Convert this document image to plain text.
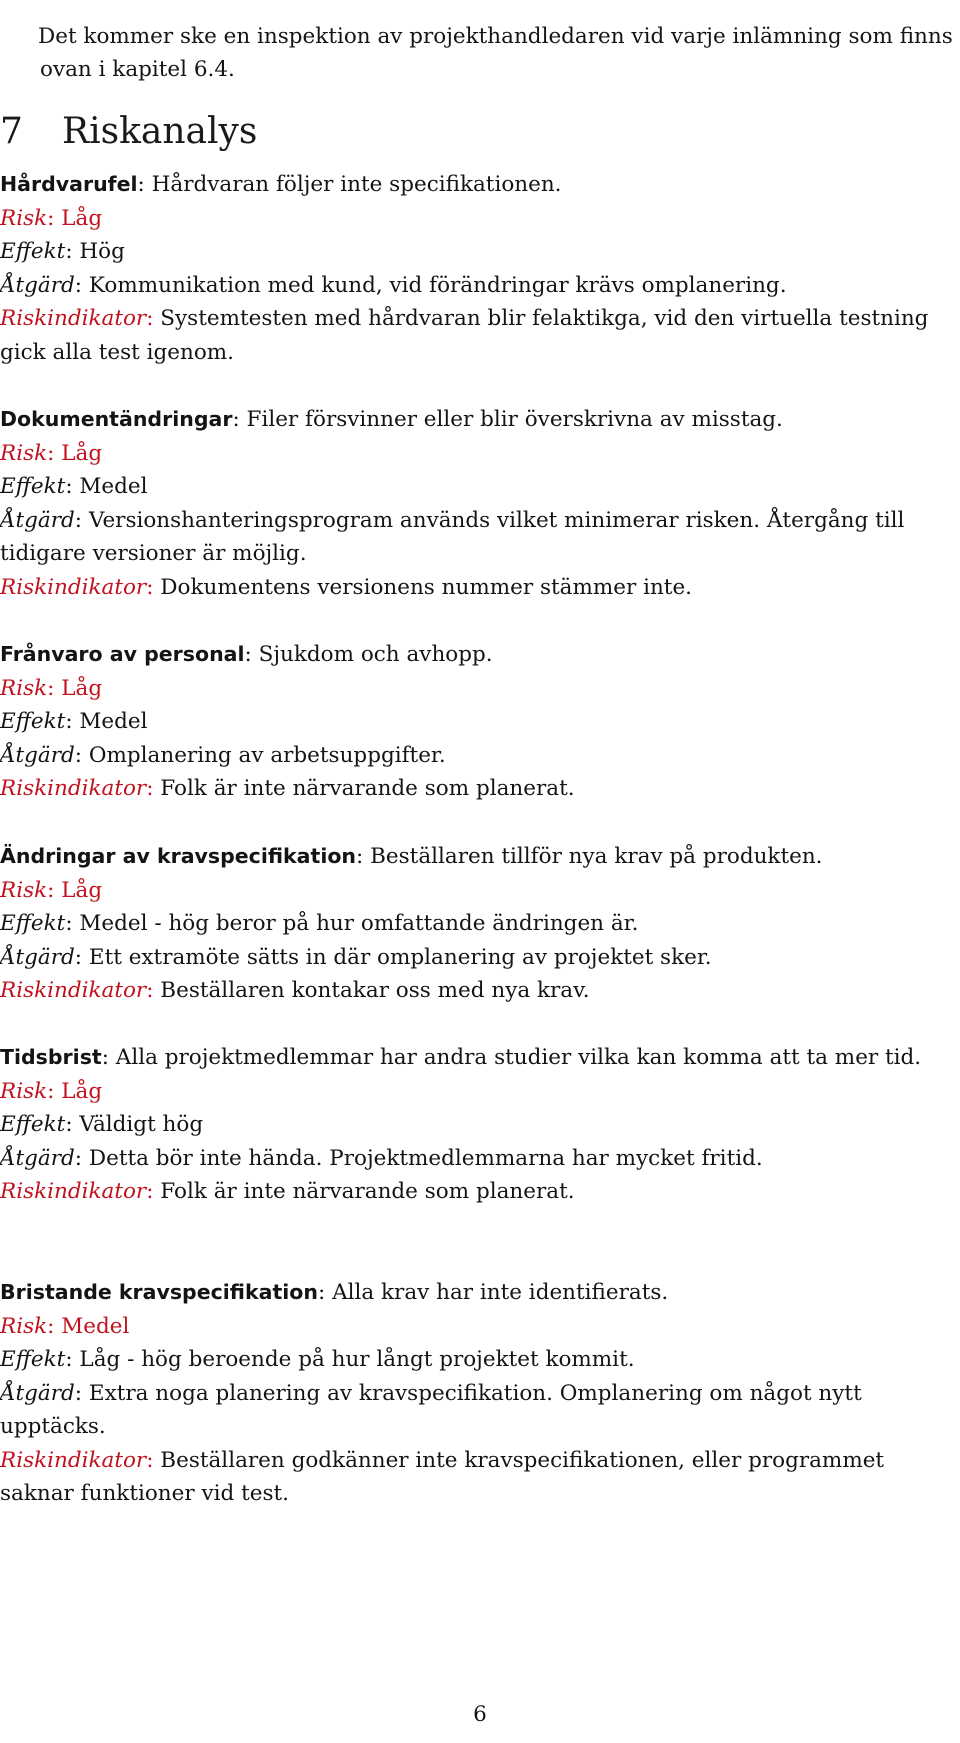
Det kommer ske en inspektion av projekthandledaren vid varje inlämning som finns ovan i kapitel 6.4.

7 Riskanalys

Hårdvarufel: Hårdvaran följer inte specifikationen.

Risk: Låg

Effekt: Hög

Åtgärd: Kommunikation med kund, vid förändringar krävs omplanering.

Riskindikator: Systemtesten med hårdvaran blir felaktikga, vid den virtuella testning gick alla test igenom.

Dokumentändringar: Filer försvinner eller blir överskrivna av misstag.

Risk: Låg

Effekt: Medel

Åtgärd: Versionshanteringsprogram används vilket minimerar risken. Återgång till tidigare versioner är möjlig.

Riskindikator: Dokumentens versionens nummer stämmer inte.

Frånvaro av personal: Sjukdom och avhopp.

Risk: Låg

Effekt: Medel

Åtgärd: Omplanering av arbetsuppgifter.

Riskindikator: Folk är inte närvarande som planerat.

Ändringar av kravspecifikation: Beställaren tillför nya krav på produkten.

Risk: Låg

Effekt: Medel - hög beror på hur omfattande ändringen är.

Åtgärd: Ett extramöte sätts in där omplanering av projektet sker.

Riskindikator: Beställaren kontakar oss med nya krav.

Tidsbrist: Alla projektmedlemmar har andra studier vilka kan komma att ta mer tid.

Risk: Låg

Effekt: Väldigt hög

Åtgärd: Detta bör inte hända. Projektmedlemmarna har mycket fritid.

Riskindikator: Folk är inte närvarande som planerat.

Bristande kravspecifikation: Alla krav har inte identifierats.

Risk: Medel

Effekt: Låg - hög beroende på hur långt projektet kommit.

Åtgärd: Extra noga planering av kravspecifikation. Omplanering om något nytt upptäcks.

Riskindikator: Beställaren godkänner inte kravspecifikationen, eller programmet saknar funktioner vid test.

6
